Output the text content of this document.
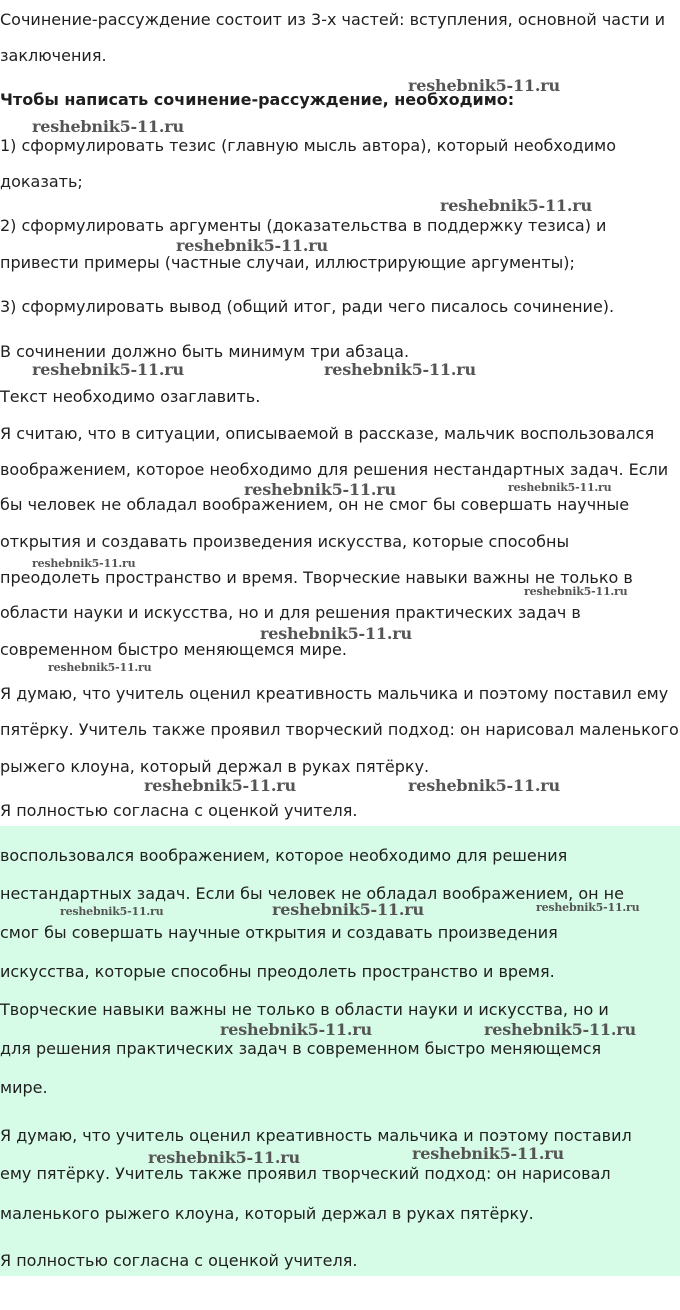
Сочинение-рассуждение состоит из 3-х частей: вступления, основной части и
заключения.
Чтобы написать сочинение-рассуждение, необходимо:
1) сформулировать тезис (главную мысль автора), который необходимо
доказать;
2) сформулировать аргументы (доказательства в поддержку тезиса) и
привести примеры (частные случаи, иллюстрирующие аргументы);
3) сформулировать вывод (общий итог, ради чего писалось сочинение).
В сочинении должно быть минимум три абзаца.
Текст необходимо озаглавить.
Я считаю, что в ситуации, описываемой в рассказе, мальчик воспользовался
воображением, которое необходимо для решения нестандартных задач. Если
бы человек не обладал воображением, он не смог бы совершать научные
открытия и создавать произведения искусства, которые способны
преодолеть пространство и время. Творческие навыки важны не только в
области науки и искусства, но и для решения практических задач в
современном быстро меняющемся мире.
Я думаю, что учитель оценил креативность мальчика и поэтому поставил ему
пятёрку. Учитель также проявил творческий подход: он нарисовал маленького
рыжего клоуна, который держал в руках пятёрку.
Я полностью согласна с оценкой учителя.
воспользовался воображением, которое необходимо для решения
нестандартных задач. Если бы человек не обладал воображением, он не
смог бы совершать научные открытия и создавать произведения
искусства, которые способны преодолеть пространство и время.
Творческие навыки важны не только в области науки и искусства, но и
для решения практических задач в современном быстро меняющемся
мире.
Я думаю, что учитель оценил креативность мальчика и поэтому поставил
ему пятёрку. Учитель также проявил творческий подход: он нарисовал
маленького рыжего клоуна, который держал в руках пятёрку.
Я полностью согласна с оценкой учителя.
reshebnik5-11.ru
reshebnik5-11.ru
reshebnik5-11.ru
reshebnik5-11.ru
reshebnik5-11.ru	reshebnik5-11.ru
reshebnik5-11.ru	reshebnik5-11.ru
reshebnik5-11.ru
reshebnik5-11.ru
reshebnik5-11.ru
reshebnik5-11.ru
reshebnik5-11.ru	reshebnik5-11.ru
reshebnik5-11.ru	reshebnik5-11.ru	reshebnik5-11.ru
reshebnik5-11.ru	reshebnik5-11.ru
reshebnik5-11.ru	reshebnik5-11.ru
